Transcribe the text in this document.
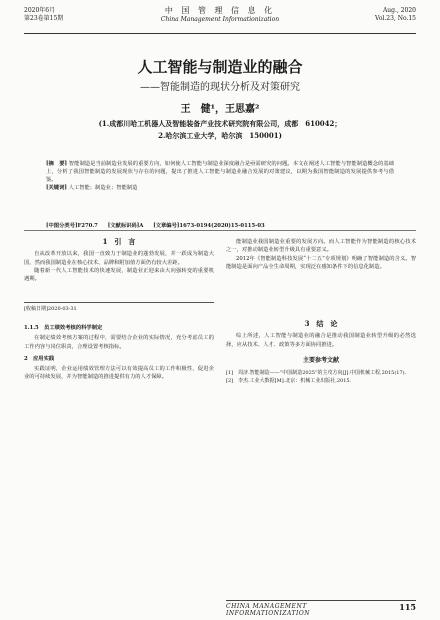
2020年6月
第23卷第15期
中 国 管 理 信 息 化
China Management Informationization
Aug., 2020
Vol.23, No.15
人工智能与制造业的融合
——智能制造的现状分析及对策研究
王　健¹，王思嘉²
(1.成都川哈工机器人及智能装备产业技术研究院有限公司，成都　610042；
2.哈尔滨工业大学，哈尔滨　150001)
[摘　要] 智能制造是当前制造业发展的重要方向，如何使人工智能与制造业深度融合是亟需研究的问题。本文在阐述人工智能与智能制造概念的基础上，分析了我国智能制造的发展现状与存在的问题，提出了推进人工智能与制造业融合发展的对策建议，以期为我国智能制造的发展提供参考与借鉴。
[关键词] 人工智能；制造业；智能制造
[中图分类号]F270.7 [文献标识码]A [文章编号]1673-0194(2020)15-0115-03
1　引　言

自从改革开放以来，我国一直致力于制造业的蓬勃发展，并一跃成为制造大国，然而我国制造业在核心技术、品牌和附加值方面仍有较大差距。

随着新一代人工智能技术的快速发展，制造业正迎来由大向强转变的重要机遇期。

[收稿日期]2020-03-31
1.1.5　员工绩效考核的科学制定

在制定绩效考核方案的过程中，需要结合企业的实际情况，充分考虑员工的工作内容与岗位职责，合理设置考核指标。

2　应用实践

实践证明，企业运用绩效管理方法可以有效提高员工的工作积极性，促进企业的可持续发展，并为智能制造的推进提供有力的人才保障。

能制造业我国制造业重要的发展方向。而人工智能作为智能制造的核心技术之一，对推动制造业转型升级具有重要意义。

2012年《智能制造科技发展“十二五”专项规划》明确了智能制造的含义。智能制造是面向产品全生命周期，实现泛在感知条件下的信息化制造。

3　结　论

综上所述，人工智能与制造业的融合是推动我国制造业转型升级的必然选择，应从技术、人才、政策等多方面协同推进。

主要参考文献
[1]　周济.智能制造——“中国制造2025”的主攻方向[J].中国机械工程,2015(17).
[2]　李杰.工业大数据[M].北京：机械工业出版社,2015.
CHINA MANAGEMENT INFORMATIONIZATION
115
